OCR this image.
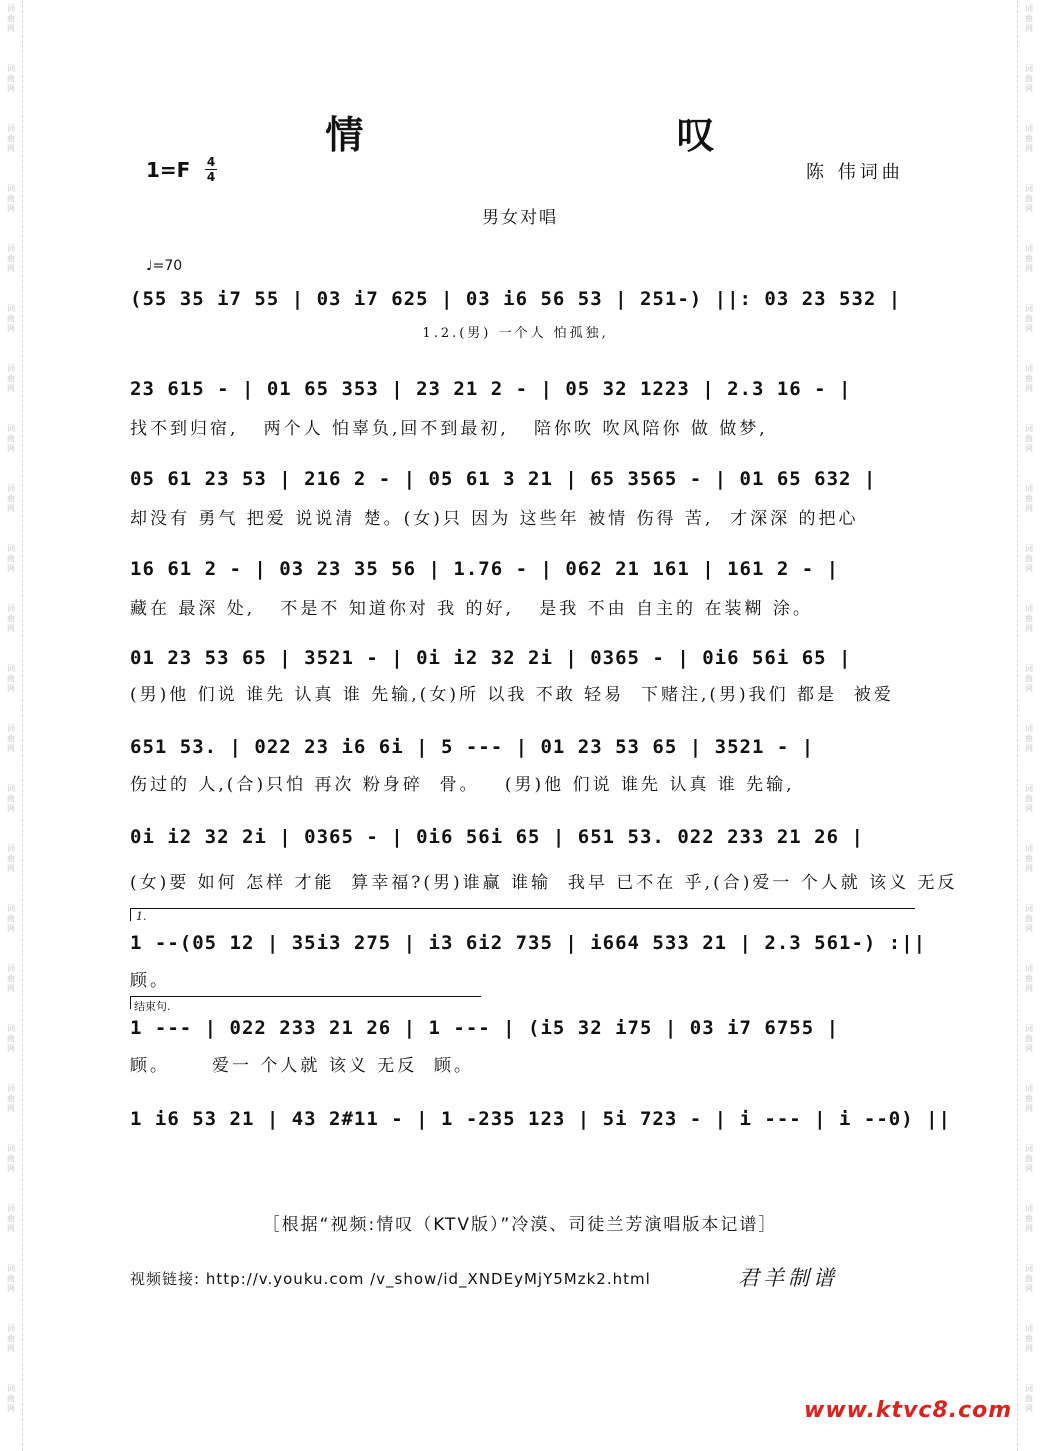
词
曲
网
词
曲
网
词
曲
网
词
曲
网
词
曲
网
词
曲
网
词
曲
网
词
曲
网
词
曲
网
词
曲
网
词
曲
网
词
曲
网
词
曲
网
词
曲
网
词
曲
网
词
曲
网
词
曲
网
词
曲
网
词
曲
网
词
曲
网
词
曲
网
词
曲
网
词
曲
网
词
曲
网
词
曲
网
词
曲
网
词
曲
网
词
曲
网
词
曲
网
词
曲
网
词
曲
网
词
曲
网
词
曲
网
词
曲
网
词
曲
网
词
曲
网
词
曲
网
词
曲
网
词
曲
网
词
曲
网
词
曲
网
词
曲
网
词
曲
网
词
曲
网
词
曲
网
词
曲
网
词
曲
网
词
曲
网
情 叹
1=F 4
4	陈 伟词曲
男女对唱
♩=70
(55 35 i7 55 | 03 i7 625 | 03 i6 56 53 | 251-) ||: 03 23 532 |
1.2.(男) 一个人 怕孤独,
23 615 - | 01 65 353 | 23 21 2 - | 05 32 1223 | 2.3 16 - |
找不到归宿,   两个人 怕辜负,回不到最初,   陪你吹 吹风陪你 做 做梦,
05 61 23 53 | 216 2 - | 05 61 3 21 | 65 3565 - | 01 65 632 |
却没有 勇气 把爱 说说清 楚。(女)只 因为 这些年 被情 伤得 苦,  才深深 的把心
16 61 2 - | 03 23 35 56 | 1.76 - | 062 21 161 | 161 2 - |
藏在 最深 处,   不是不 知道你对 我 的好,   是我 不由 自主的 在装糊 涂。
01 23 53 65 | 3521 - | 0i i2 32 2i | 0365 - | 0i6 56i 65 |
(男)他 们说 谁先 认真 谁 先输,(女)所 以我 不敢 轻易  下赌注,(男)我们 都是  被爱
651 53. | 022 23 i6 6i | 5 --- | 01 23 53 65 | 3521 - |
伤过的 人,(合)只怕 再次 粉身碎  骨。   (男)他 们说 谁先 认真 谁 先输,
0i i2 32 2i | 0365 - | 0i6 56i 65 | 651 53. 022 233 21 26 |
(女)要 如何 怎样 才能  算幸福?(男)谁赢 谁输  我早 已不在 乎,(合)爱一 个人就 该义 无反
1.
1 --(05 12 | 35i3 275 | i3 6i2 735 | i664 533 21 | 2.3 561-) :||
顾。
结束句.
1 --- | 022 233 21 26 | 1 --- | (i5 32 i75 | 03 i7 6755 |
顾。     爱一 个人就 该义 无反  顾。
1 i6 53 21 | 43 2#11 - | 1 -235 123 | 5i 723 - | i --- | i --0) ||
［根据“视频:情叹（KTV版）”冷漠、司徒兰芳演唱版本记谱］
视频链接: http://v.youku.com /v_show/id_XNDEyMjY5Mzk2.html	君羊制谱
www.ktvc8.com
